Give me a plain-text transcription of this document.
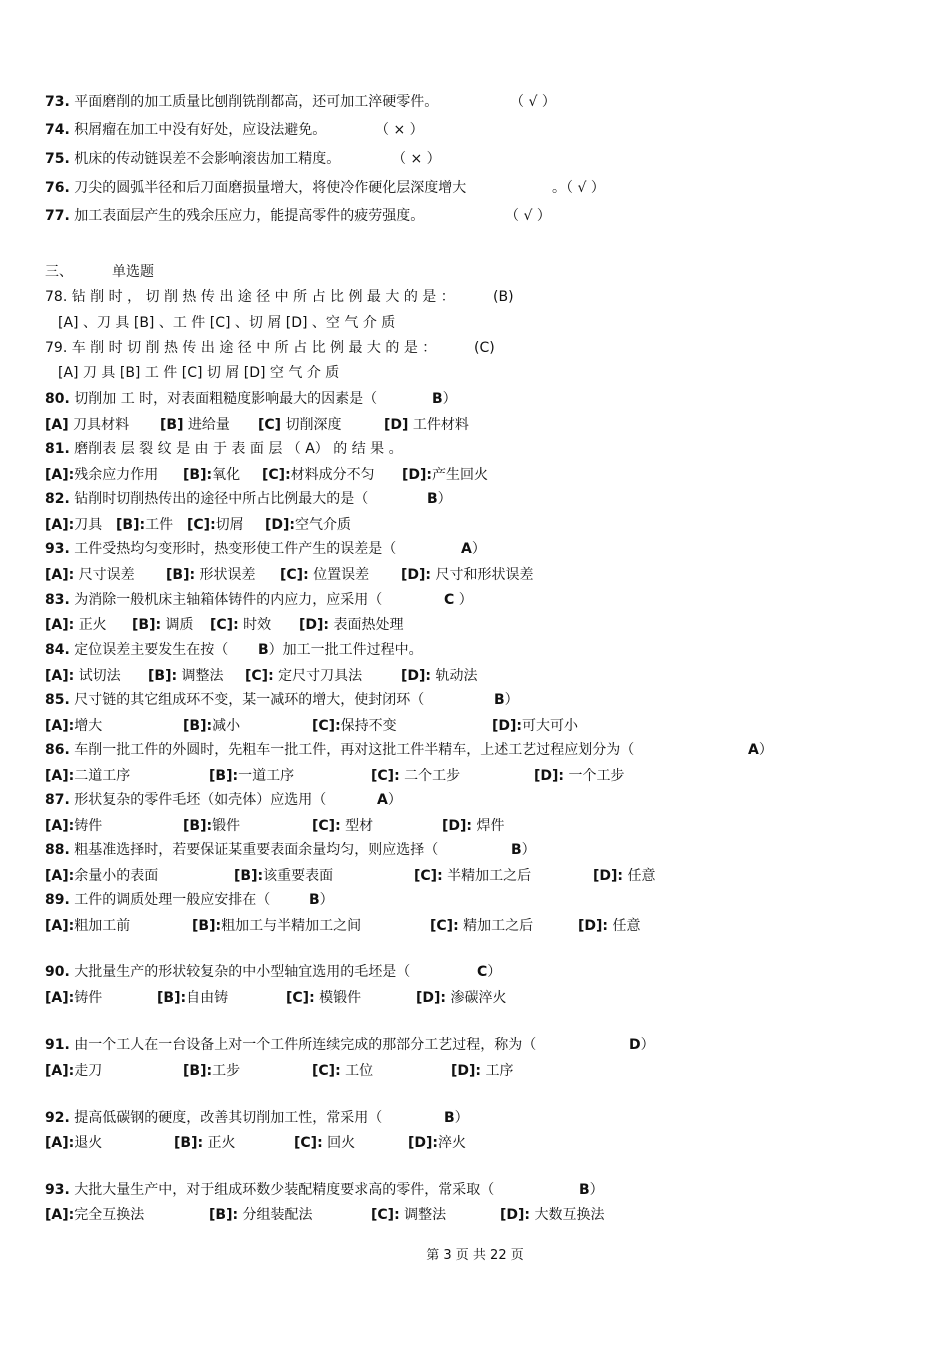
73. 平面磨削的加工质量比刨削铣削都高，还可加工淬硬零件。	（ √ ）
74. 积屑瘤在加工中没有好处，应设法避免。	（ × ）
75. 机床的传动链误差不会影响滚齿加工精度。	（ × ）
76. 刀尖的圆弧半径和后刀面磨损量增大，将使冷作硬化层深度增大	。（ √ ）
77. 加工表面层产生的残余压应力，能提高零件的疲劳强度。	（ √ ）
三、	单选题
78. 钻 削 时 ， 切 削 热 传 出 途 径 中 所 占 比 例 最 大 的 是 ：	(B)
[A] 、刀 具 [B] 、工 件 [C] 、切 屑 [D] 、空 气 介 质
79. 车 削 时 切 削 热 传 出 途 径 中 所 占 比 例 最 大 的 是 ：	(C)
[A] 刀 具 [B] 工 件 [C] 切 屑 [D] 空 气 介 质
80. 切削加 工 时，对表面粗糙度影响最大的因素是（	B）
[A] 刀具材料 [B] 进给量 [C] 切削深度	[D] 工件材料
81. 磨削表 层 裂 纹 是 由 于 表 面 层 （ A） 的 结 果 。
[A]:残余应力作用 [B]:氧化 [C]:材料成分不匀 [D]:产生回火
82. 钻削时切削热传出的途径中所占比例最大的是（	B）
[A]:刀具 [B]:工件 [C]:切屑 [D]:空气介质
93. 工件受热均匀变形时，热变形使工件产生的误差是（	A）
[A]: 尺寸误差 [B]: 形状误差 [C]: 位置误差 [D]: 尺寸和形状误差
83. 为消除一般机床主轴箱体铸件的内应力，应采用（	C ）
[A]: 正火 [B]: 调质 [C]: 时效 [D]: 表面热处理
84. 定位误差主要发生在按（ B）加工一批工件过程中。
[A]: 试切法 [B]: 调整法 [C]: 定尺寸刀具法	[D]: 轨动法
85. 尺寸链的其它组成环不变，某一减环的增大，使封闭环（	B）
[A]:增大	[B]:减小	[C]:保持不变	[D]:可大可小
86. 车削一批工件的外圆时，先粗车一批工件，再对这批工件半精车，上述工艺过程应划分为（	A）
[A]:二道工序	[B]:一道工序	[C]: 二个工步	[D]: 一个工步
87. 形状复杂的零件毛坯（如壳体）应选用（	A）
[A]:铸件	[B]:锻件	[C]: 型材	[D]: 焊件
88. 粗基准选择时，若要保证某重要表面余量均匀，则应选择（	B）
[A]:余量小的表面	[B]:该重要表面	[C]: 半精加工之后	[D]: 任意
89. 工件的调质处理一般应安排在（	B）
[A]:粗加工前	[B]:粗加工与半精加工之间	[C]: 精加工之后	[D]: 任意
90. 大批量生产的形状较复杂的中小型轴宜选用的毛坯是（	C）
[A]:铸件	[B]:自由铸	[C]: 模锻件	[D]: 渗碳淬火
91. 由一个工人在一台设备上对一个工件所连续完成的那部分工艺过程，称为（	D）
[A]:走刀	[B]:工步	[C]: 工位	[D]: 工序
92. 提高低碳钢的硬度，改善其切削加工性，常采用（	B）
[A]:退火	[B]: 正火	[C]: 回火	[D]:淬火
93. 大批大量生产中，对于组成环数少装配精度要求高的零件，常采取（	B）
[A]:完全互换法	[B]: 分组装配法	[C]: 调整法	[D]: 大数互换法
第 3 页 共 22 页
